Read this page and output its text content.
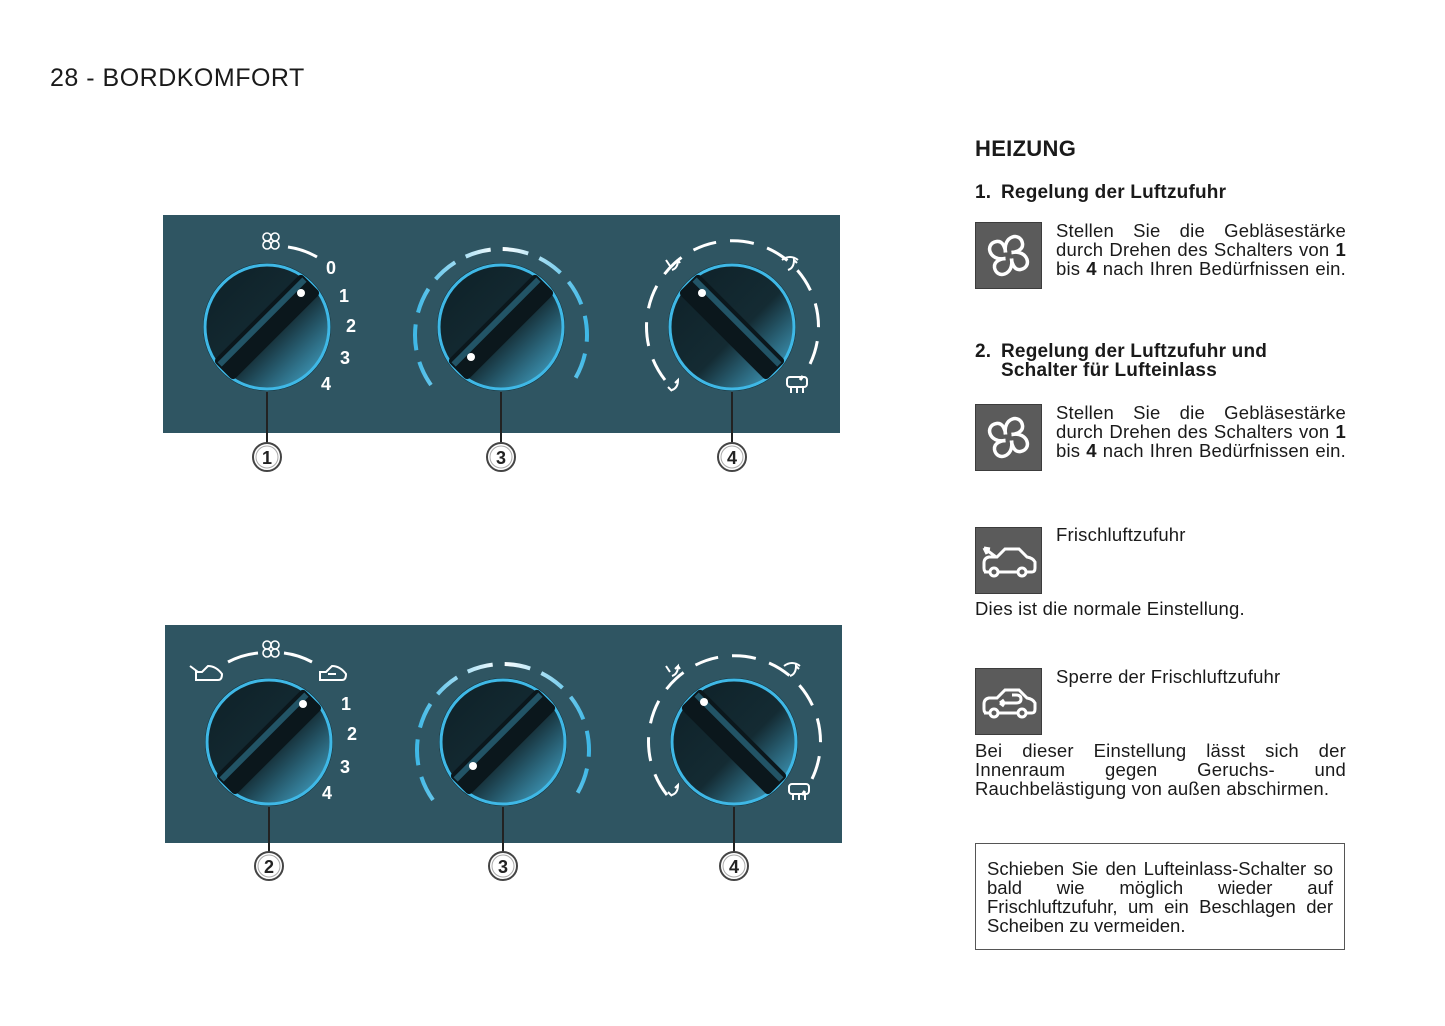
28 - BORDKOMFORT
0
1
2
3
4
1	3	4
1
2
3
4
2	3	4
HEIZUNG
1. Regelung der Luftzufuhr
Stellen Sie die Gebläsestärke durch Drehen des Schalters von 1 bis 4 nach Ihren Bedürfnissen ein.
2. Regelung der Luftzufuhr und
Schalter für Lufteinlass
Stellen Sie die Gebläsestärke durch Drehen des Schalters von 1 bis 4 nach Ihren Bedürfnissen ein.
Frischluftzufuhr
Dies ist die normale Einstellung.
Sperre der Frischluftzufuhr
Bei dieser Einstellung lässt sich der Innenraum gegen Geruchs- und Rauchbelästigung von außen abschirmen.
Schieben Sie den Lufteinlass-Schalter so bald wie möglich wieder auf Frischluftzufuhr, um ein Beschlagen der Scheiben zu vermeiden.
